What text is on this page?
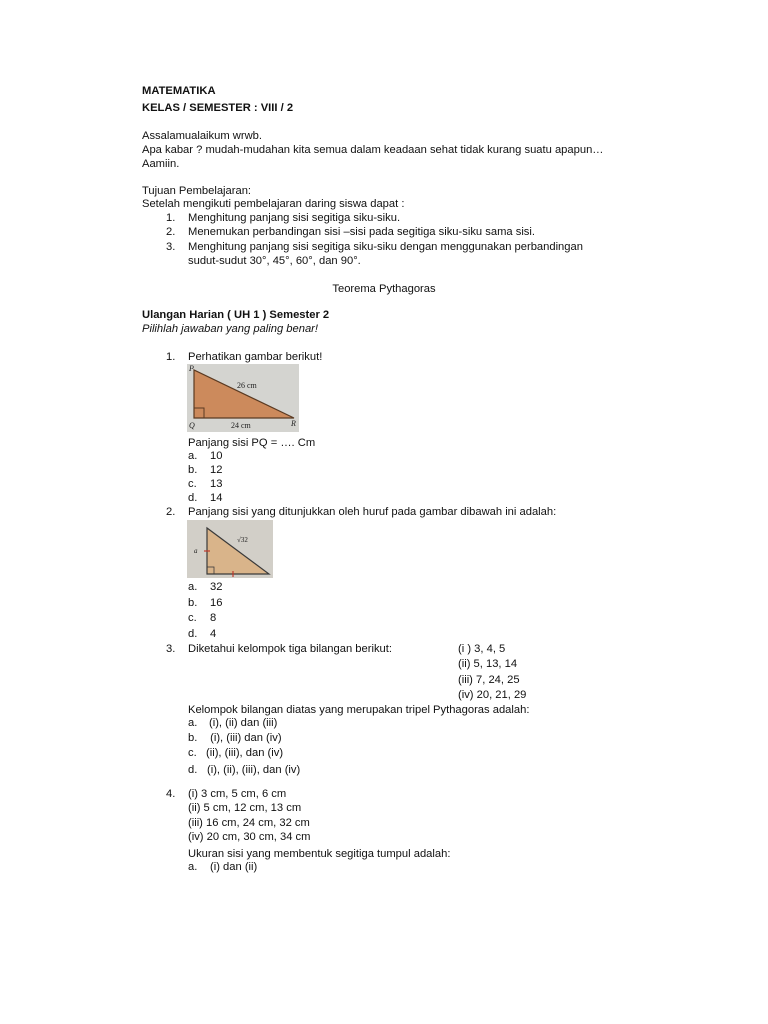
MATEMATIKA
KELAS / SEMESTER : VIII / 2
Assalamualaikum wrwb.
Apa kabar ? mudah-mudahan kita semua dalam keadaan sehat tidak kurang suatu apapun…
Aamiin.
Tujuan Pembelajaran:
Setelah mengikuti pembelajaran daring siswa dapat :
1. Menghitung panjang sisi segitiga siku-siku.
2. Menemukan perbandingan sisi –sisi pada segitiga siku-siku sama sisi.
3. Menghitung panjang sisi segitiga siku-siku dengan menggunakan perbandingan
sudut-sudut 30°, 45°, 60°, dan 90°.
Teorema Pythagoras
Ulangan Harian ( UH 1 ) Semester 2
Pilihlah jawaban yang paling benar!
1. Perhatikan gambar berikut!
P
Q	R
26 cm
24 cm
Panjang sisi PQ = …. Cm
a. 10
b. 12
c. 13
d. 14
2. Panjang sisi yang ditunjukkan oleh huruf pada gambar dibawah ini adalah:
a
√32
a. 32
b. 16
c. 8
d. 4
3. Diketahui kelompok tiga bilangan berikut:	(i ) 3, 4, 5
(ii) 5, 13, 14
(iii) 7, 24, 25
(iv) 20, 21, 29
Kelompok bilangan diatas yang merupakan tripel Pythagoras adalah:
a. (i), (ii) dan (iii)
b. (i), (iii) dan (iv)
c. (ii), (iii), dan (iv)
d. (i), (ii), (iii), dan (iv)
4. (i) 3 cm, 5 cm, 6 cm
(ii) 5 cm, 12 cm, 13 cm
(iii) 16 cm, 24 cm, 32 cm
(iv) 20 cm, 30 cm, 34 cm
Ukuran sisi yang membentuk segitiga tumpul adalah:
a. (i) dan (ii)
